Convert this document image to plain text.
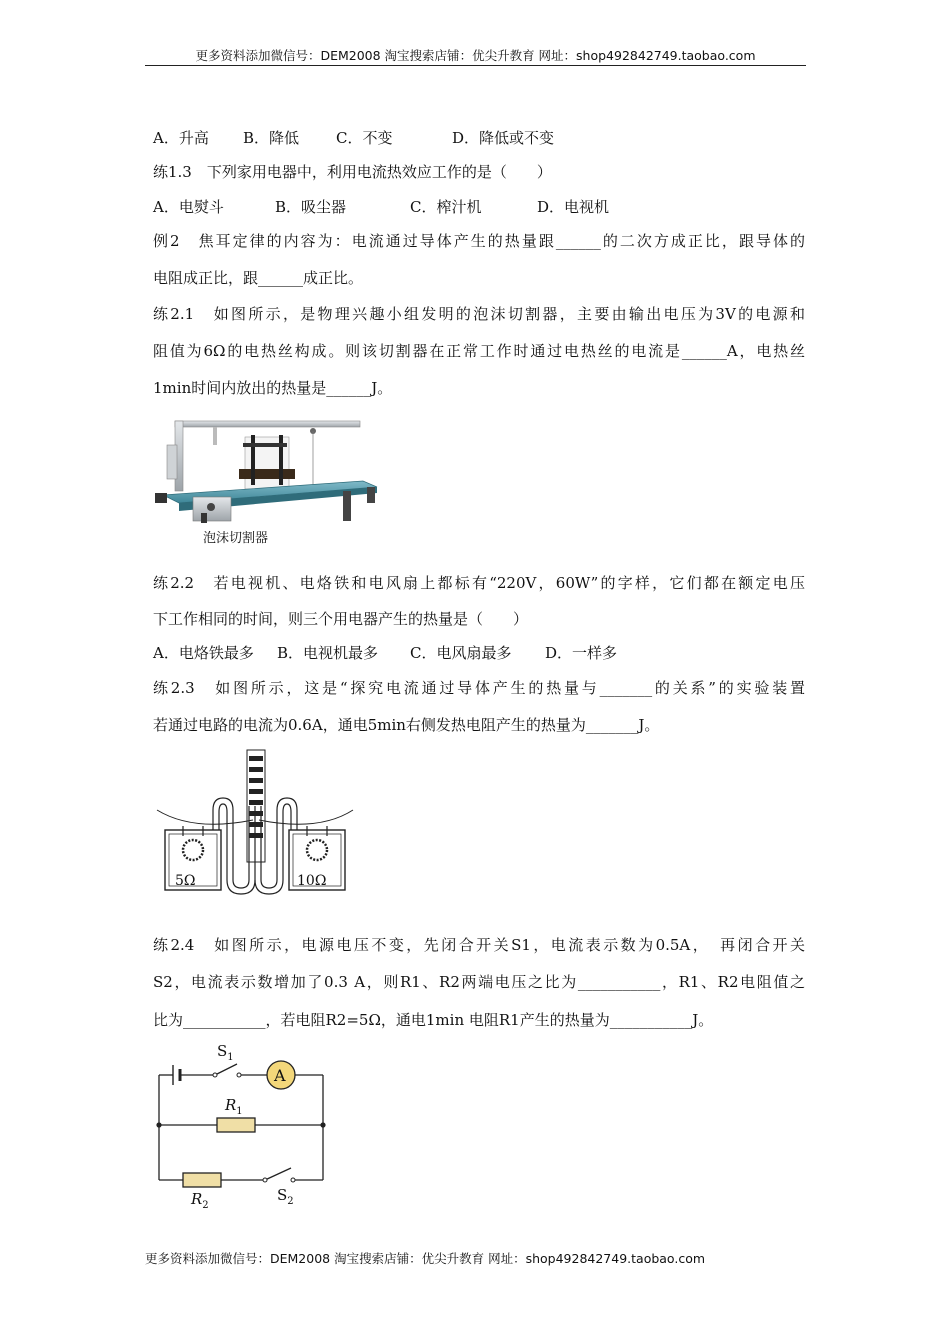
更多资料添加微信号：DEM2008 淘宝搜索店铺：优尖升教育 网址：shop492842749.taobao.com
A．升高 B．降低 C．不变	D．降低或不变
练1.3　下列家用电器中，利用电流热效应工作的是（　　）
A．电熨斗	B．吸尘器	C．榨汁机	D．电视机
例2　焦耳定律的内容为：电流通过导体产生的热量跟______的二次方成正比，跟导体的
电阻成正比，跟______成正比。
练2.1　如图所示，是物理兴趣小组发明的泡沫切割器，主要由输出电压为3V的电源和
阻值为6Ω的电热丝构成。则该切割器在正常工作时通过电热丝的电流是______A，电热丝
1min时间内放出的热量是______J。
泡沫切割器
练2.2　若电视机、电烙铁和电风扇上都标有“220V，60W”的字样，它们都在额定电压
下工作相同的时间，则三个用电器产生的热量是（　　）
A．电烙铁最多 B．电视机最多 C．电风扇最多 D．一样多
练2.3　如图所示，这是“探究电流通过导体产生的热量与_______的关系”的实验装置
若通过电路的电流为0.6A，通电5min右侧发热电阻产生的热量为_______J。
5Ω	10Ω
练2.4　如图所示，电源电压不变，先闭合开关S1，电流表示数为0.5A，　再闭合开关
S2，电流表示数增加了0.3 A，则R1、R2两端电压之比为___________，R1、R2电阻值之
比为___________，若电阻R2=5Ω，通电1min 电阻R1产生的热量为___________J。
A
$S_1$
$R_1$
$R_2$
$S_2$
更多资料添加微信号：DEM2008 淘宝搜索店铺：优尖升教育 网址：shop492842749.taobao.com
